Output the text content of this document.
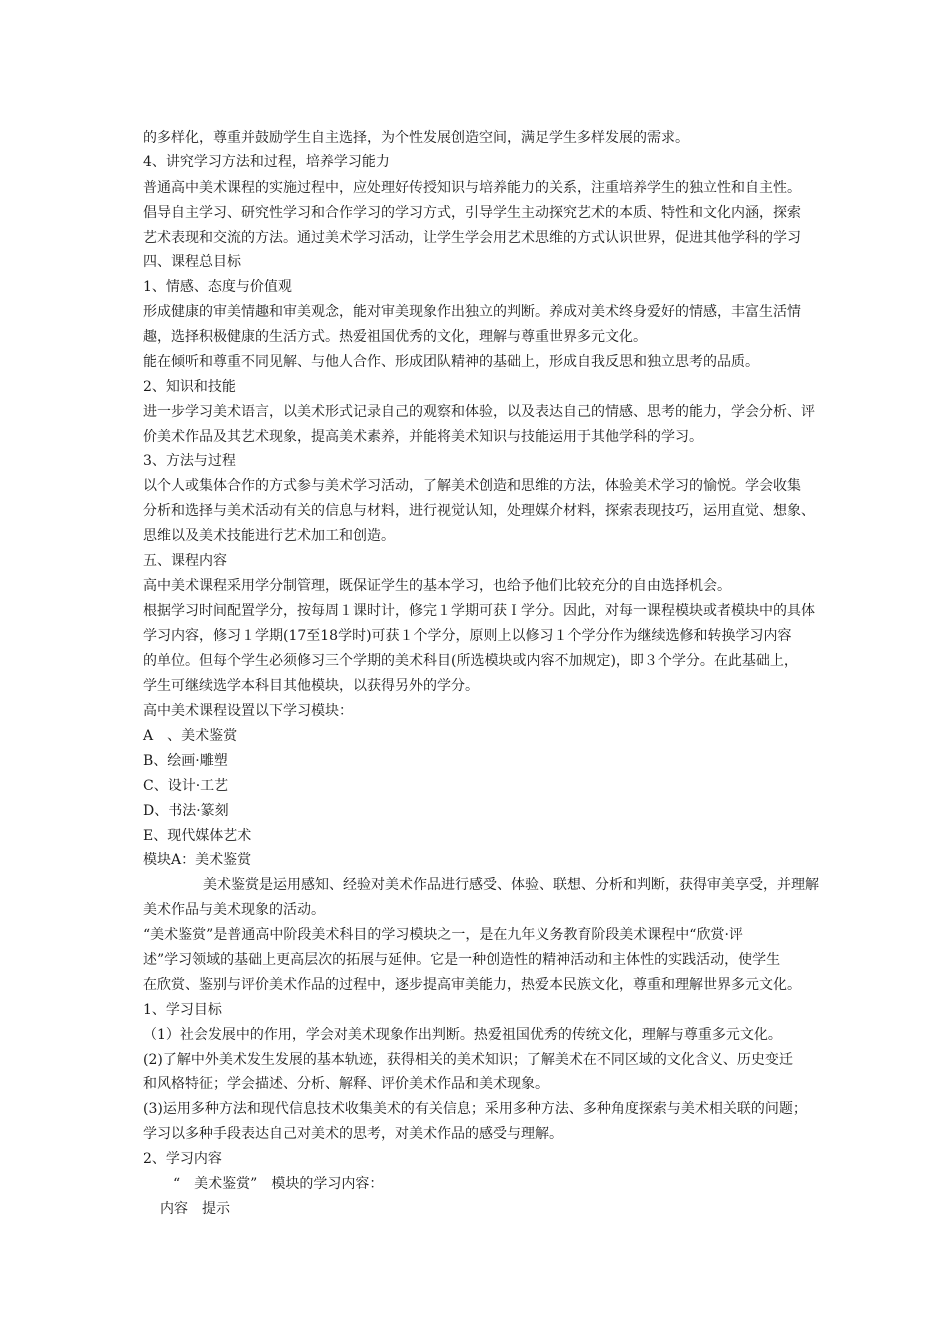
的多样化，尊重并鼓励学生自主选择，为个性发展创造空间，满足学生多样发展的需求。
4、讲究学习方法和过程，培养学习能力
普通高中美术课程的实施过程中，应处理好传授知识与培养能力的关系，注重培养学生的独立性和自主性。
倡导自主学习、研究性学习和合作学习的学习方式，引导学生主动探究艺术的本质、特性和文化内涵，探索
艺术表现和交流的方法。通过美术学习活动，让学生学会用艺术思维的方式认识世界，促进其他学科的学习
四、课程总目标
1、情感、态度与价值观
形成健康的审美情趣和审美观念，能对审美现象作出独立的判断。养成对美术终身爱好的情感，丰富生活情
趣，选择积极健康的生活方式。热爱祖国优秀的文化，理解与尊重世界多元文化。
能在倾听和尊重不同见解、与他人合作、形成团队精神的基础上，形成自我反思和独立思考的品质。
2、知识和技能
进一步学习美术语言，以美术形式记录自己的观察和体验，以及表达自己的情感、思考的能力，学会分析、评
价美术作品及其艺术现象，提高美术素养，并能将美术知识与技能运用于其他学科的学习。
3、方法与过程
以个人或集体合作的方式参与美术学习活动，了解美术创造和思维的方法，体验美术学习的愉悦。学会收集
分析和选择与美术活动有关的信息与材料，进行视觉认知，处理媒介材料，探索表现技巧，运用直觉、想象、
思维以及美术技能进行艺术加工和创造。
五、课程内容
高中美术课程采用学分制管理，既保证学生的基本学习，也给予他们比较充分的自由选择机会。
根据学习时间配置学分，按每周１课时计，修完１学期可获Ｉ学分。因此，对每一课程模块或者模块中的具体
学习内容，修习１学期(17至18学时)可获１个学分，原则上以修习１个学分作为继续选修和转换学习内容
的单位。但每个学生必须修习三个学期的美术科目(所选模块或内容不加规定)，即３个学分。在此基础上，
学生可继续选学本科目其他模块，以获得另外的学分。
高中美术课程设置以下学习模块：
A　、美术鉴赏
B、绘画·雕塑
C、设计·工艺
D、书法·篆刻
E、现代媒体艺术
模块A：美术鉴赏
美术鉴赏是运用感知、经验对美术作品进行感受、体验、联想、分析和判断，获得审美享受，并理解
美术作品与美术现象的活动。
“美术鉴赏”是普通高中阶段美术科目的学习模块之一，是在九年义务教育阶段美术课程中“欣赏·评
述”学习领域的基础上更高层次的拓展与延伸。它是一种创造性的精神活动和主体性的实践活动，使学生
在欣赏、鉴别与评价美术作品的过程中，逐步提高审美能力，热爱本民族文化，尊重和理解世界多元文化。
1、学习目标
（1）社会发展中的作用，学会对美术现象作出判断。热爱祖国优秀的传统文化，理解与尊重多元文化。
(2)了解中外美术发生发展的基本轨迹，获得相关的美术知识；了解美术在不同区域的文化含义、历史变迁
和风格特征；学会描述、分析、解释、评价美术作品和美术现象。
(3)运用多种方法和现代信息技术收集美术的有关信息；采用多种方法、多种角度探索与美术相关联的问题；
学习以多种手段表达自己对美术的思考，对美术作品的感受与理解。
2、学习内容
“　美术鉴赏”　模块的学习内容：
内容　提示
